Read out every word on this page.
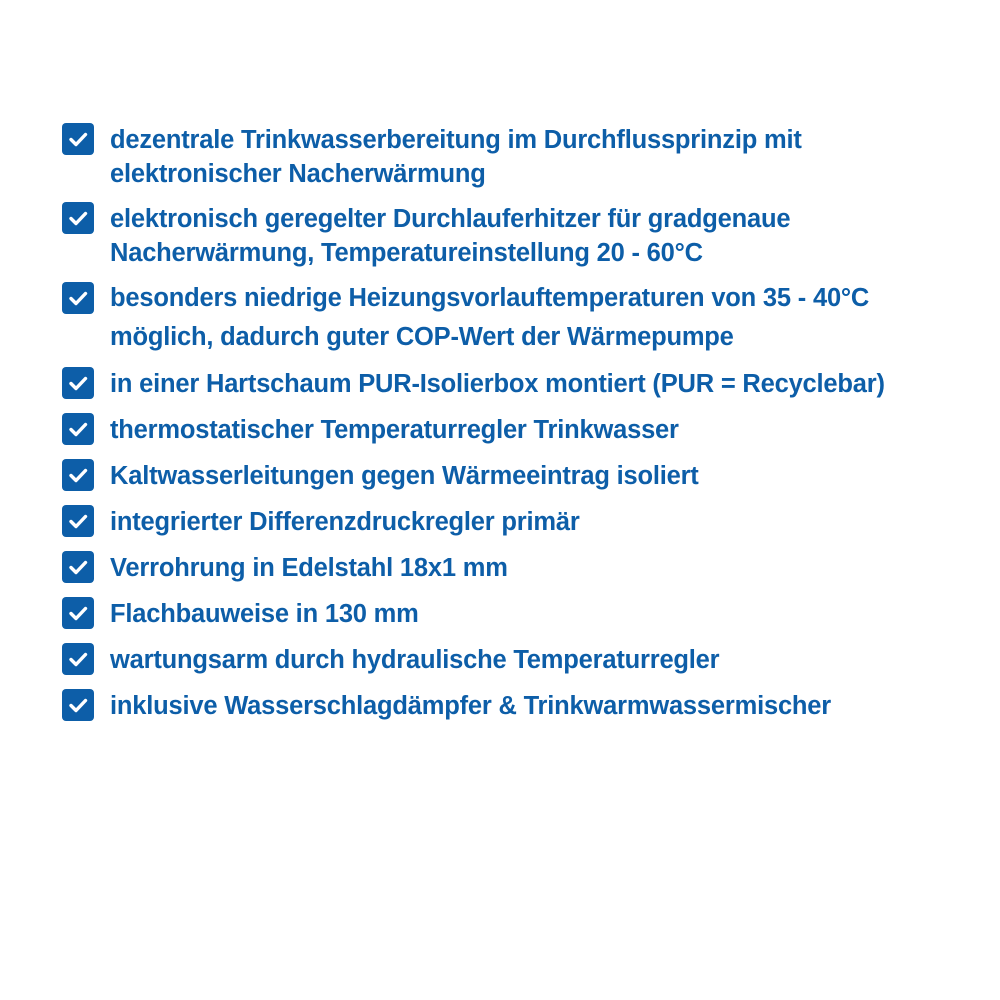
dezentrale Trinkwasserbereitung im Durchflussprinzip mit
elektronischer Nacherwärmung
elektronisch geregelter Durchlauferhitzer für gradgenaue
Nacherwärmung, Temperatureinstellung 20 - 60°C
besonders niedrige Heizungsvorlauftemperaturen von 35 - 40°C
möglich, dadurch guter COP-Wert der Wärmepumpe
in einer Hartschaum PUR-Isolierbox montiert (PUR = Recyclebar)
thermostatischer Temperaturregler Trinkwasser
Kaltwasserleitungen gegen Wärmeeintrag isoliert
integrierter Differenzdruckregler primär
Verrohrung in Edelstahl 18x1 mm
Flachbauweise in 130 mm
wartungsarm durch hydraulische Temperaturregler
inklusive Wasserschlagdämpfer & Trinkwarmwassermischer
